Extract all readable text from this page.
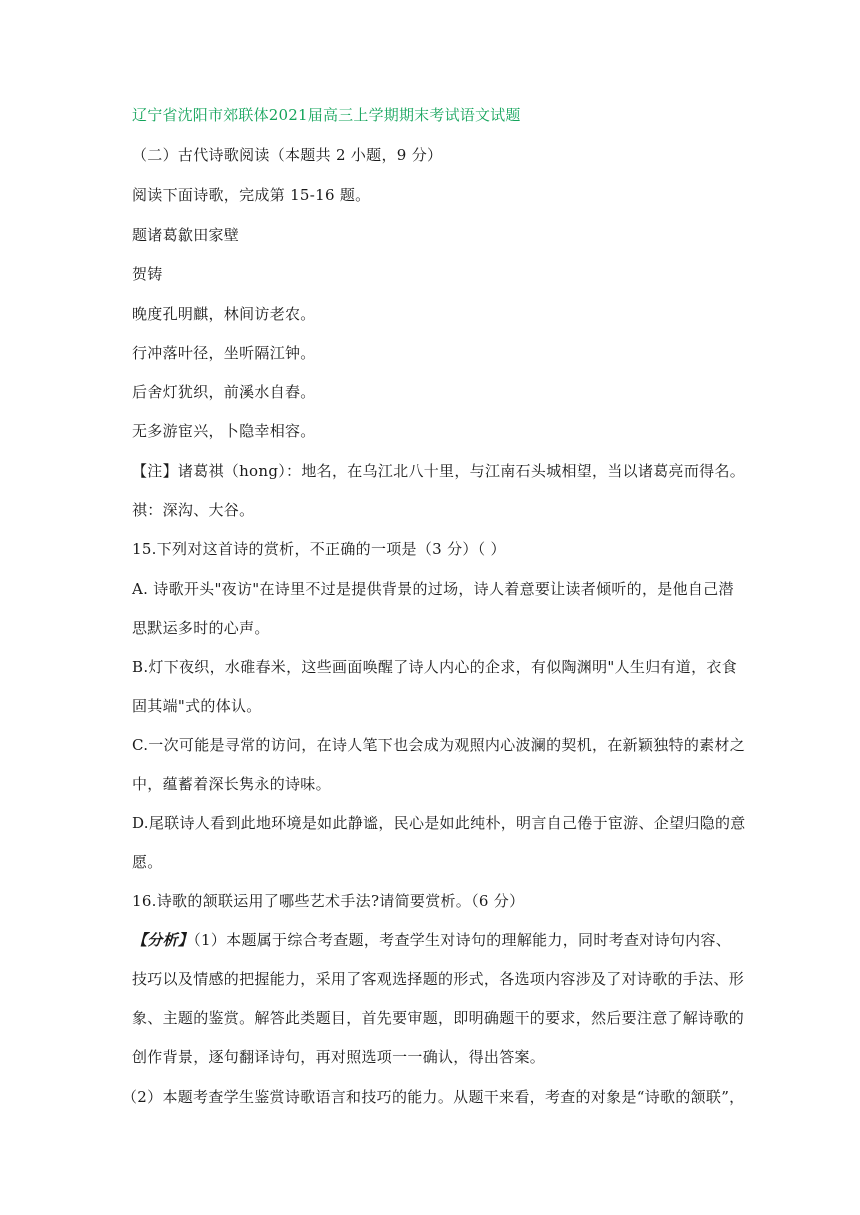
辽宁省沈阳市郊联体2021届高三上学期期末考试语文试题
（二）古代诗歌阅读（本题共 2 小题，9 分）
阅读下面诗歌，完成第 15-16 题。
题诸葛歙田家壁
贺铸
晚度孔明麒，林间访老农。
行冲落叶径，坐听隔江钟。
后舍灯犹织，前溪水自舂。
无多游宦兴，卜隐幸相容。
【注】诸葛祺（hong）：地名，在乌江北八十里，与江南石头城相望，当以诸葛亮而得名。
祺：深沟、大谷。
15.下列对这首诗的赏析，不正确的一项是（3 分）（ ）
A. 诗歌开头"夜访"在诗里不过是提供背景的过场，诗人着意要让读者倾听的，是他自己潜
思默运多时的心声。
B.灯下夜织，水碓春米，这些画面唤醒了诗人内心的企求，有似陶渊明"人生归有道，衣食
固其端"式的体认。
C.一次可能是寻常的访问，在诗人笔下也会成为观照内心波澜的契机，在新颖独特的素材之
中，蕴蓄着深长隽永的诗味。
D.尾联诗人看到此地环境是如此静谧，民心是如此纯朴，明言自己倦于宦游、企望归隐的意
愿。
16.诗歌的颔联运用了哪些艺术手法?请简要赏析。（6 分）
【分析】（1）本题属于综合考查题，考查学生对诗句的理解能力，同时考查对诗句内容、
技巧以及情感的把握能力，采用了客观选择题的形式，各选项内容涉及了对诗歌的手法、形
象、主题的鉴赏。解答此类题目，首先要审题，即明确题干的要求，然后要注意了解诗歌的
创作背景，逐句翻译诗句，再对照选项一一确认，得出答案。
（2）本题考查学生鉴赏诗歌语言和技巧的能力。从题干来看，考查的对象是“诗歌的颔联”，
